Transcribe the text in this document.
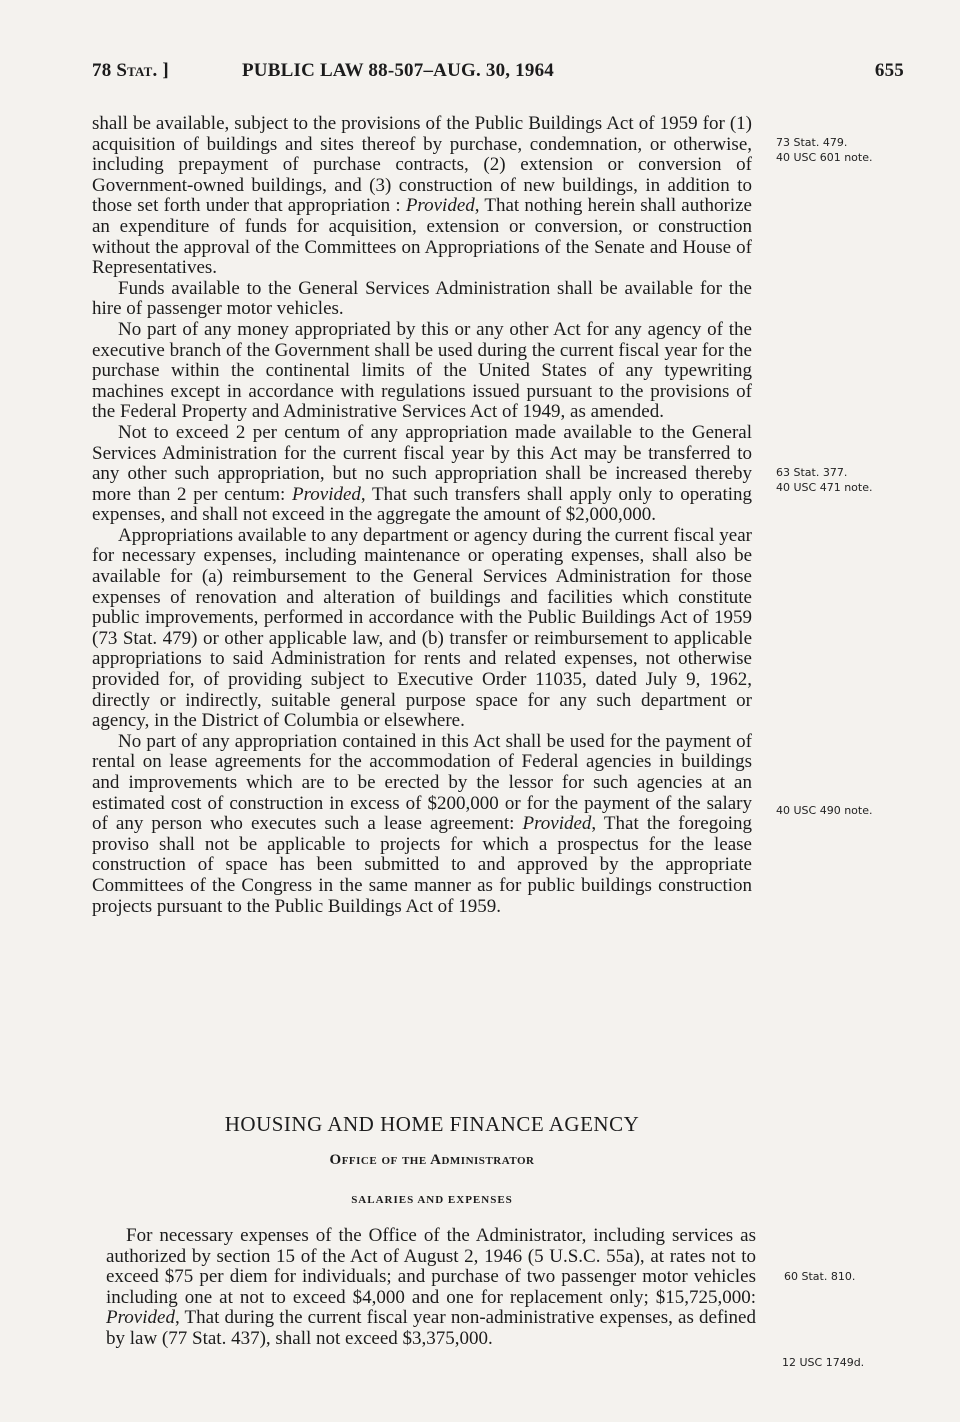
78 Stat. ]	PUBLIC LAW 88-507–AUG. 30, 1964	655

shall be available, subject to the provisions of the Public Buildings Act of 1959 for (1) acquisition of buildings and sites thereof by purchase, condemnation, or otherwise, including prepayment of purchase contracts, (2) extension or conversion of Government-owned buildings, and (3) construction of new buildings, in addition to those set forth under that appropriation : Provided, That nothing herein shall authorize an expenditure of funds for acquisition, extension or conversion, or construction without the approval of the Committees on Appropriations of the Senate and House of Representatives.

Funds available to the General Services Administration shall be available for the hire of passenger motor vehicles.

No part of any money appropriated by this or any other Act for any agency of the executive branch of the Government shall be used during the current fiscal year for the purchase within the continental limits of the United States of any typewriting machines except in accordance with regulations issued pursuant to the provisions of the Federal Property and Administrative Services Act of 1949, as amended.

Not to exceed 2 per centum of any appropriation made available to the General Services Administration for the current fiscal year by this Act may be transferred to any other such appropriation, but no such appropriation shall be increased thereby more than 2 per centum: Provided, That such transfers shall apply only to operating expenses, and shall not exceed in the aggregate the amount of $2,000,000.

Appropriations available to any department or agency during the current fiscal year for necessary expenses, including maintenance or operating expenses, shall also be available for (a) reimbursement to the General Services Administration for those expenses of renovation and alteration of buildings and facilities which constitute public improvements, performed in accordance with the Public Buildings Act of 1959 (73 Stat. 479) or other applicable law, and (b) transfer or reimbursement to applicable appropriations to said Administration for rents and related expenses, not otherwise provided for, of providing subject to Executive Order 11035, dated July 9, 1962, directly or indirectly, suitable general purpose space for any such department or agency, in the District of Columbia or elsewhere.

No part of any appropriation contained in this Act shall be used for the payment of rental on lease agreements for the accommodation of Federal agencies in buildings and improvements which are to be erected by the lessor for such agencies at an estimated cost of construction in excess of $200,000 or for the payment of the salary of any person who executes such a lease agreement: Provided, That the foregoing proviso shall not be applicable to projects for which a prospectus for the lease construction of space has been submitted to and approved by the appropriate Committees of the Congress in the same manner as for public buildings construction projects pursuant to the Public Buildings Act of 1959.

HOUSING AND HOME FINANCE AGENCY
Office of the Administrator
SALARIES AND EXPENSES

For necessary expenses of the Office of the Administrator, including services as authorized by section 15 of the Act of August 2, 1946 (5 U.S.C. 55a), at rates not to exceed $75 per diem for individuals; and purchase of two passenger motor vehicles including one at not to exceed $4,000 and one for replacement only; $15,725,000: Provided, That during the current fiscal year non-administrative expenses, as defined by law (77 Stat. 437), shall not exceed $3,375,000.

73 Stat. 479.
40 USC 601 note.
63 Stat. 377.
40 USC 471 note.
40 USC 490 note.
60 Stat. 810.
12 USC 1749d.
